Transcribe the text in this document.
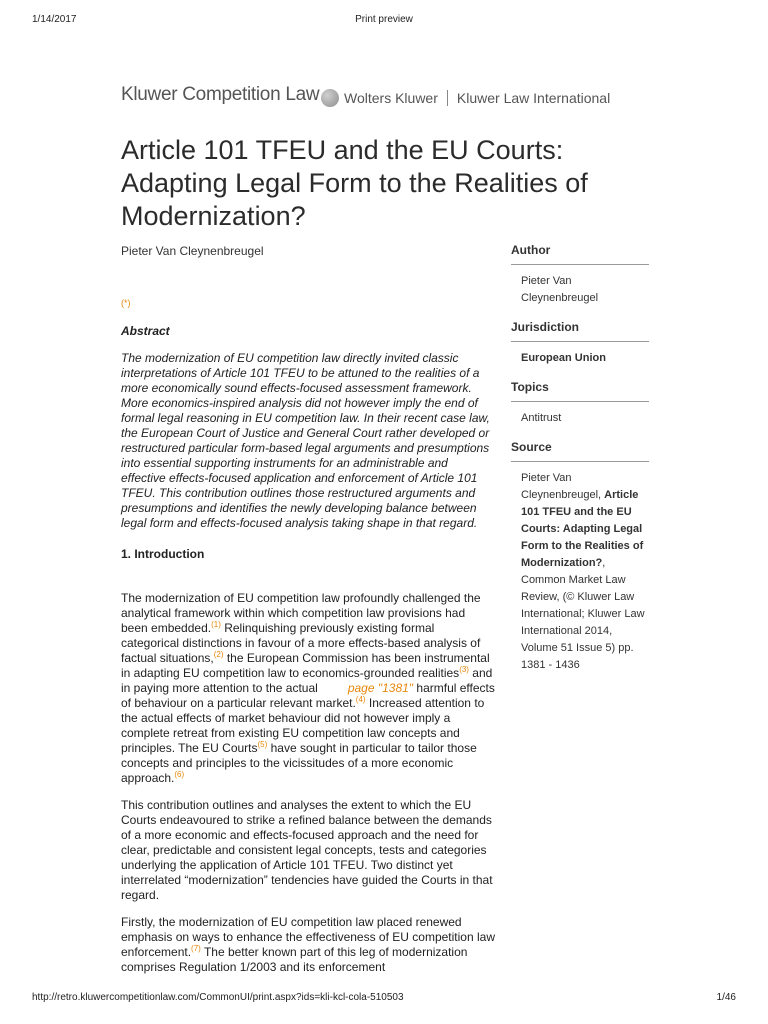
1/14/2017	Print preview
Kluwer Competition Law Wolters Kluwer Kluwer Law International
Article 101 TFEU and the EU Courts: Adapting Legal Form to the Realities of Modernization?
Pieter Van Cleynenbreugel
(*)
Abstract

The modernization of EU competition law directly invited classic interpretations of Article 101 TFEU to be attuned to the realities of a more economically sound effects-focused assessment framework. More economics-inspired analysis did not however imply the end of formal legal reasoning in EU competition law. In their recent case law, the European Court of Justice and General Court rather developed or restructured particular form-based legal arguments and presumptions into essential supporting instruments for an administrable and effective effects-focused application and enforcement of Article 101 TFEU. This contribution outlines those restructured arguments and presumptions and identifies the newly developing balance between legal form and effects-focused analysis taking shape in that regard.

1. Introduction

The modernization of EU competition law profoundly challenged the analytical framework within which competition law provisions had been embedded.$^{(1)}$ Relinquishing previously existing formal categorical distinctions in favour of a more effects-based analysis of factual situations,$^{(2)}$ the European Commission has been instrumental in adapting EU competition law to economics-grounded realities$^{(3)}$ and in paying more attention to the actual	page "1381" harmful effects of behaviour on a particular relevant market.$^{(4)}$ Increased attention to the actual effects of market behaviour did not however imply a complete retreat from existing EU competition law concepts and principles. The EU Courts$^{(5)}$ have sought in particular to tailor those concepts and principles to the vicissitudes of a more economic approach.$^{(6)}$

This contribution outlines and analyses the extent to which the EU Courts endeavoured to strike a refined balance between the demands of a more economic and effects-focused approach and the need for clear, predictable and consistent legal concepts, tests and categories underlying the application of Article 101 TFEU. Two distinct yet interrelated “modernization” tendencies have guided the Courts in that regard.

Firstly, the modernization of EU competition law placed renewed emphasis on ways to enhance the effectiveness of EU competition law enforcement.$^{(7)}$ The better known part of this leg of modernization comprises Regulation 1/2003 and its enforcement

Author
Pieter Van Cleynenbreugel
Jurisdiction
European Union
Topics
Antitrust
Source
Pieter Van Cleynenbreugel, Article 101 TFEU and the EU Courts: Adapting Legal Form to the Realities of Modernization?, Common Market Law Review, (© Kluwer Law International; Kluwer Law International 2014, Volume 51 Issue 5) pp. 1381 - 1436
http://retro.kluwercompetitionlaw.com/CommonUI/print.aspx?ids=kli-kcl-cola-510503	1/46
